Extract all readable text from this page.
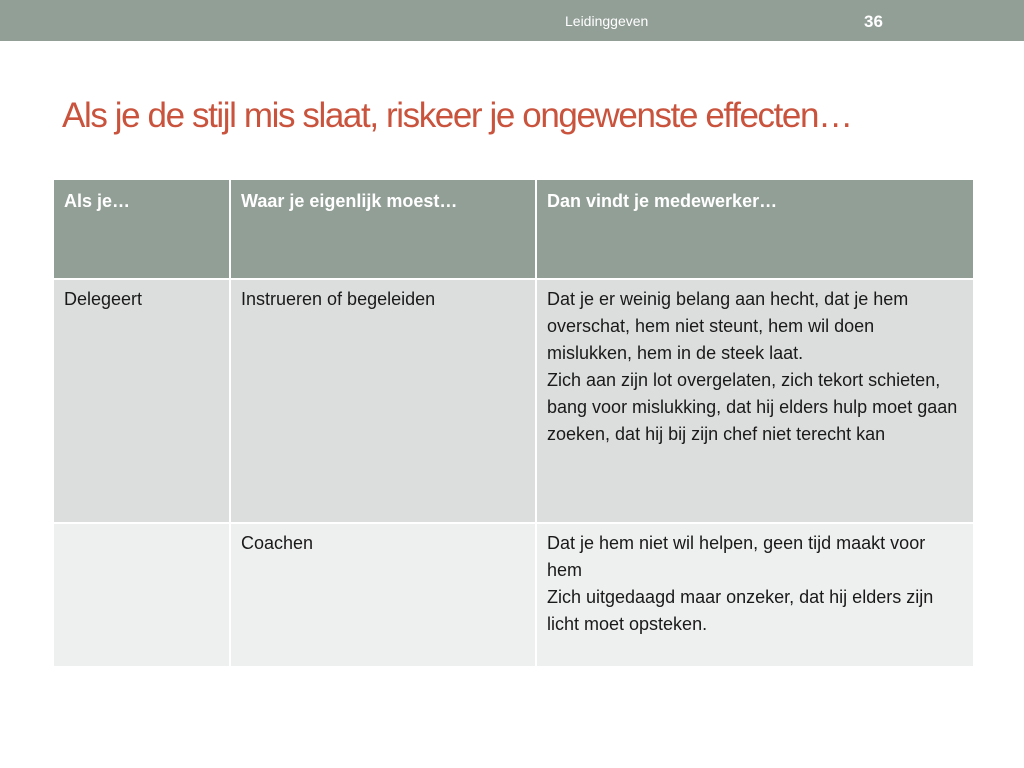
Leidinggeven	36
Als je de stijl mis slaat, riskeer je ongewenste effecten…
Als je…	Waar je eigenlijk moest…	Dan vindt je medewerker…
Delegeert	Instrueren of begeleiden	Dat je er weinig belang aan hecht, dat je hem overschat, hem niet steunt, hem wil doen mislukken, hem in de steek laat.
Zich aan zijn lot overgelaten, zich tekort schieten, bang voor mislukking, dat hij elders hulp moet gaan zoeken, dat hij bij zijn chef niet terecht kan

	Coachen	Dat je hem niet wil helpen, geen tijd maakt voor hem
Zich uitgedaagd maar onzeker, dat hij elders zijn licht moet opsteken.
